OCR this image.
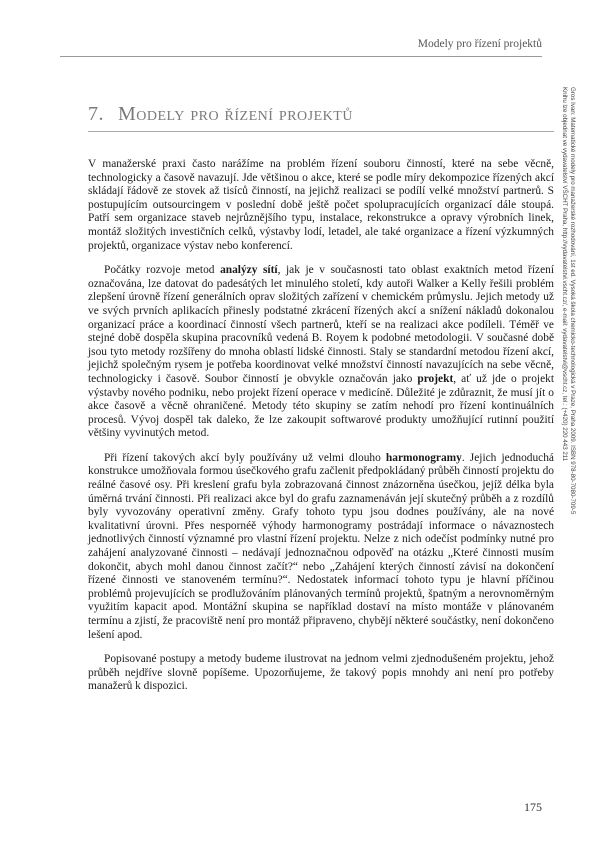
Modely pro řízení projektů
7. Modely pro řízení projektů

V manažerské praxi často narážíme na problém řízení souboru činností, které na sebe věcně, technologicky a časově navazují. Jde většinou o akce, které se podle míry dekompozice řízených akcí skládají řádově ze stovek až tisíců činností, na jejichž realizaci se podílí velké množství partnerů. S postupujícím outsourcingem v poslední době ještě počet spolupracujících organizací dále stoupá. Patří sem organizace staveb nejrůznějšího typu, instalace, rekonstrukce a opravy výrobních linek, montáž složitých investičních celků, výstavby lodí, letadel, ale také organizace a řízení výzkumných projektů, organizace výstav nebo konferencí.

Počátky rozvoje metod analýzy sítí, jak je v současnosti tato oblast exaktních metod řízení označována, lze datovat do padesátých let minulého století, kdy autoři Walker a Kelly řešili problém zlepšení úrovně řízení generálních oprav složitých zařízení v chemickém průmyslu. Jejich metody už ve svých prvních aplikacích přinesly podstatné zkrácení řízených akcí a snížení nákladů dokonalou organizací práce a koordinací činností všech partnerů, kteří se na realizaci akce podíleli. Téměř ve stejné době dospěla skupina pracovníků vedená B. Royem k podobné metodologii. V současné době jsou tyto metody rozšířeny do mnoha oblastí lidské činnosti. Staly se standardní metodou řízení akcí, jejichž společným rysem je potřeba koordinovat velké množství činností navazujících na sebe věcně, technologicky i časově. Soubor činností je obvykle označován jako projekt, ať už jde o projekt výstavby nového podniku, nebo projekt řízení operace v medicíně. Důležité je zdůraznit, že musí jít o akce časově a věcně ohraničené. Metody této skupiny se zatím nehodí pro řízení kontinuálních procesů. Vývoj dospěl tak daleko, že lze zakoupit softwarové produkty umožňující rutinní použití většiny vyvinutých metod.

Při řízení takových akcí byly používány už velmi dlouho harmonogramy. Jejich jednoduchá konstrukce umožňovala formou úsečkového grafu začlenit předpokládaný průběh činností projektu do reálné časové osy. Při kreslení grafu byla zobrazovaná činnost znázorněna úsečkou, jejíž délka byla úměrná trvání činnosti. Při realizaci akce byl do grafu zaznamenáván její skutečný průběh a z rozdílů byly vyvozovány operativní změny. Grafy tohoto typu jsou dodnes používány, ale na nové kvalitativní úrovni. Přes nespornéě výhody harmonogramy postrádají informace o návaznostech jednotlivých činností významné pro vlastní řízení projektu. Nelze z nich odečíst podmínky nutné pro zahájení analyzované činnosti – nedávají jednoznačnou odpověď na otázku „Které činnosti musím dokončit, abych mohl danou činnost začít?“ nebo „Zahájení kterých činností závisí na dokončení řízené činnosti ve stanoveném termínu?“. Nedostatek informací tohoto typu je hlavní příčinou problémů projevujících se prodlužováním plánovaných termínů projektů, špatným a nerovnoměrným využitím kapacit apod. Montážní skupina se například dostaví na místo montáže v plánovaném termínu a zjistí, že pracoviště není pro montáž připraveno, chybějí některé součástky, není dokončeno lešení apod.

Popisované postupy a metody budeme ilustrovat na jednom velmi zjednodušeném projektu, jehož průběh nejdříve slovně popíšeme. Upozorňujeme, že takový popis mnohdy ani není pro potřeby manažerů k dispozici.

175
Gros Ivan: Matematické modely pro manažerské rozhodování, 1st ed. Vysoká škola chemicko-technologická v Praze, Praha 2009. ISBN 978-80-7080-709-5
Knihu lze objednat ve vydavatelství VŠCHT Praha, http://vydavatelstvi.vscht.cz/, e-mail: vydavatelstvi@vscht.cz, tel.: (+420) 220 443 211
